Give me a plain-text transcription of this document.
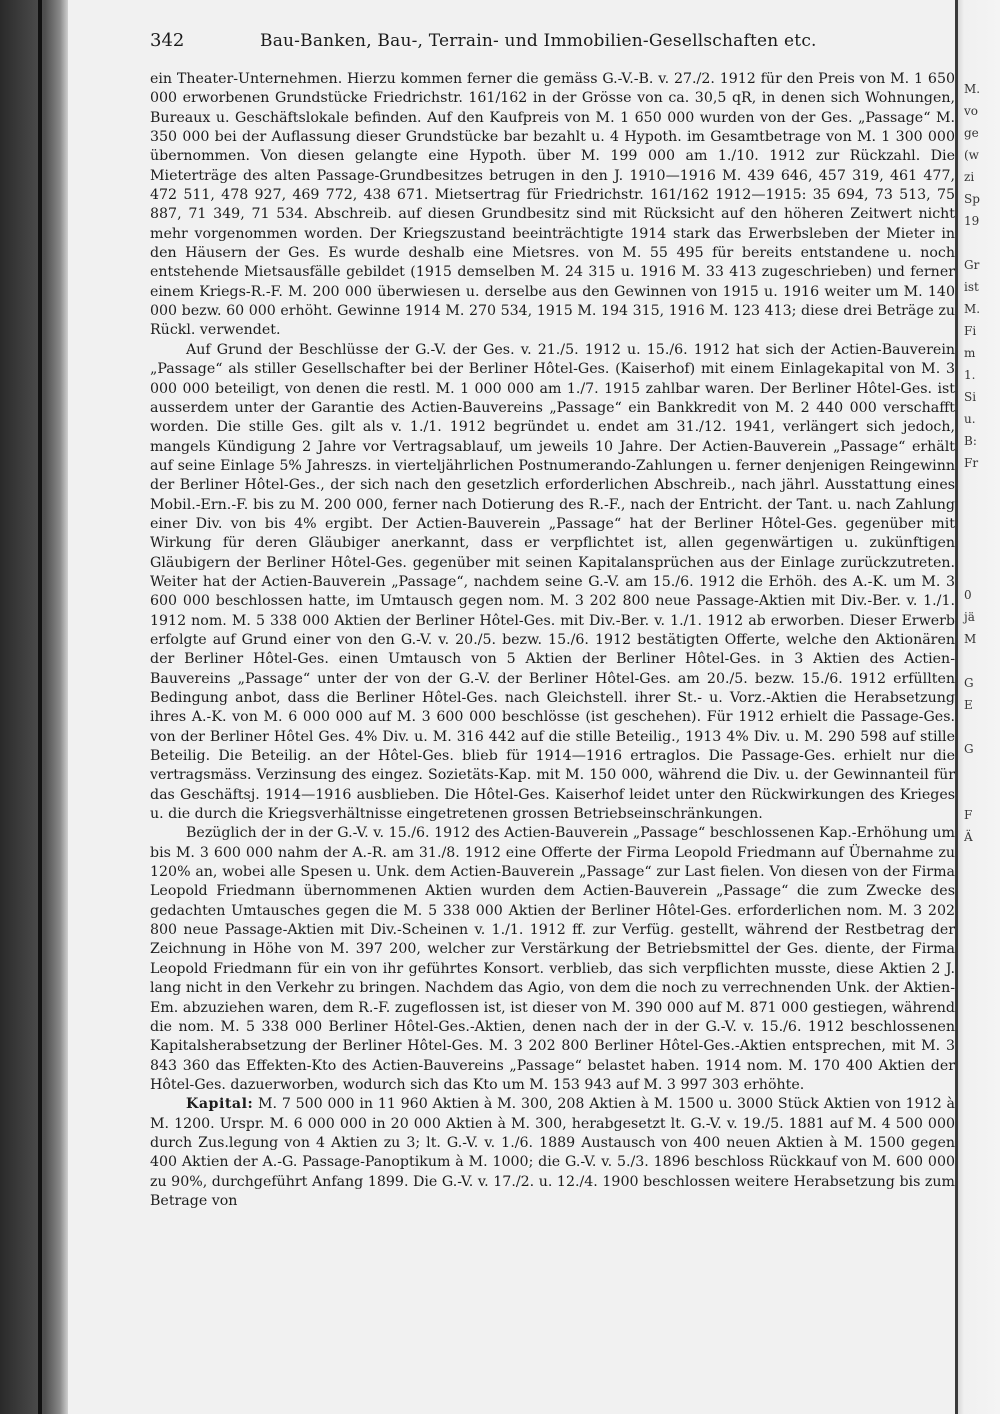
M.
vo
ge
(w
zi
Sp
19

Gr
ist
M.
Fi
m
1.
Si
u.
B:
Fr

0
jä
M

G
E

G

F
Ä

342	Bau-Banken, Bau-, Terrain- und Immobilien-Gesellschaften etc.

ein Theater-Unternehmen. Hierzu kommen ferner die gemäss G.-V.-B. v. 27./2. 1912 für den Preis von M. 1 650 000 erworbenen Grundstücke Friedrichstr. 161/162 in der Grösse von ca. 30,5 qR, in denen sich Wohnungen, Bureaux u. Geschäftslokale befinden. Auf den Kaufpreis von M. 1 650 000 wurden von der Ges. „Passage“ M. 350 000 bei der Auflassung dieser Grundstücke bar bezahlt u. 4 Hypoth. im Gesamtbetrage von M. 1 300 000 übernommen. Von diesen gelangte eine Hypoth. über M. 199 000 am 1./10. 1912 zur Rückzahl. Die Mieterträge des alten Passage-Grundbesitzes betrugen in den J. 1910—1916 M. 439 646, 457 319, 461 477, 472 511, 478 927, 469 772, 438 671. Mietsertrag für Friedrichstr. 161/162 1912—1915: 35 694, 73 513, 75 887, 71 349, 71 534. Abschreib. auf diesen Grundbesitz sind mit Rücksicht auf den höheren Zeitwert nicht mehr vorgenommen worden. Der Kriegszustand beeinträchtigte 1914 stark das Erwerbsleben der Mieter in den Häusern der Ges. Es wurde deshalb eine Mietsres. von M. 55 495 für bereits entstandene u. noch entstehende Mietsausfälle gebildet (1915 demselben M. 24 315 u. 1916 M. 33 413 zugeschrieben) und ferner einem Kriegs-R.-F. M. 200 000 überwiesen u. derselbe aus den Gewinnen von 1915 u. 1916 weiter um M. 140 000 bezw. 60 000 erhöht. Gewinne 1914 M. 270 534, 1915 M. 194 315, 1916 M. 123 413; diese drei Beträge zu Rückl. verwendet.

Auf Grund der Beschlüsse der G.-V. der Ges. v. 21./5. 1912 u. 15./6. 1912 hat sich der Actien-Bauverein „Passage“ als stiller Gesellschafter bei der Berliner Hôtel-Ges. (Kaiserhof) mit einem Einlagekapital von M. 3 000 000 beteiligt, von denen die restl. M. 1 000 000 am 1./7. 1915 zahlbar waren. Der Berliner Hôtel-Ges. ist ausserdem unter der Garantie des Actien-Bauvereins „Passage“ ein Bankkredit von M. 2 440 000 verschafft worden. Die stille Ges. gilt als v. 1./1. 1912 begründet u. endet am 31./12. 1941, verlängert sich jedoch, mangels Kündigung 2 Jahre vor Vertragsablauf, um jeweils 10 Jahre. Der Actien-Bauverein „Passage“ erhält auf seine Einlage 5% Jahreszs. in vierteljährlichen Postnumerando-Zahlungen u. ferner denjenigen Reingewinn der Berliner Hôtel-Ges., der sich nach den gesetzlich erforderlichen Abschreib., nach jährl. Ausstattung eines Mobil.-Ern.-F. bis zu M. 200 000, ferner nach Dotierung des R.-F., nach der Entricht. der Tant. u. nach Zahlung einer Div. von bis 4% ergibt. Der Actien-Bauverein „Passage“ hat der Berliner Hôtel-Ges. gegenüber mit Wirkung für deren Gläubiger anerkannt, dass er verpflichtet ist, allen gegenwärtigen u. zukünftigen Gläubigern der Berliner Hôtel-Ges. gegenüber mit seinen Kapitalansprüchen aus der Einlage zurückzutreten. Weiter hat der Actien-Bauverein „Passage“, nachdem seine G.-V. am 15./6. 1912 die Erhöh. des A.-K. um M. 3 600 000 beschlossen hatte, im Umtausch gegen nom. M. 3 202 800 neue Passage-Aktien mit Div.-Ber. v. 1./1. 1912 nom. M. 5 338 000 Aktien der Berliner Hôtel-Ges. mit Div.-Ber. v. 1./1. 1912 ab erworben. Dieser Erwerb erfolgte auf Grund einer von den G.-V. v. 20./5. bezw. 15./6. 1912 bestätigten Offerte, welche den Aktionären der Berliner Hôtel-Ges. einen Umtausch von 5 Aktien der Berliner Hôtel-Ges. in 3 Aktien des Actien-Bauvereins „Passage“ unter der von der G.-V. der Berliner Hôtel-Ges. am 20./5. bezw. 15./6. 1912 erfüllten Bedingung anbot, dass die Berliner Hôtel-Ges. nach Gleichstell. ihrer St.- u. Vorz.-Aktien die Herabsetzung ihres A.-K. von M. 6 000 000 auf M. 3 600 000 beschlösse (ist geschehen). Für 1912 erhielt die Passage-Ges. von der Berliner Hôtel Ges. 4% Div. u. M. 316 442 auf die stille Beteilig., 1913 4% Div. u. M. 290 598 auf stille Beteilig. Die Beteilig. an der Hôtel-Ges. blieb für 1914—1916 ertraglos. Die Passage-Ges. erhielt nur die vertragsmäss. Verzinsung des eingez. Sozietäts-Kap. mit M. 150 000, während die Div. u. der Gewinnanteil für das Geschäftsj. 1914—1916 ausblieben. Die Hôtel-Ges. Kaiserhof leidet unter den Rückwirkungen des Krieges u. die durch die Kriegsverhältnisse eingetretenen grossen Betriebseinschränkungen.

Bezüglich der in der G.-V. v. 15./6. 1912 des Actien-Bauverein „Passage“ beschlossenen Kap.-Erhöhung um bis M. 3 600 000 nahm der A.-R. am 31./8. 1912 eine Offerte der Firma Leopold Friedmann auf Übernahme zu 120% an, wobei alle Spesen u. Unk. dem Actien-Bauverein „Passage“ zur Last fielen. Von diesen von der Firma Leopold Friedmann übernommenen Aktien wurden dem Actien-Bauverein „Passage“ die zum Zwecke des gedachten Umtausches gegen die M. 5 338 000 Aktien der Berliner Hôtel-Ges. erforderlichen nom. M. 3 202 800 neue Passage-Aktien mit Div.-Scheinen v. 1./1. 1912 ff. zur Verfüg. gestellt, während der Restbetrag der Zeichnung in Höhe von M. 397 200, welcher zur Verstärkung der Betriebsmittel der Ges. diente, der Firma Leopold Friedmann für ein von ihr geführtes Konsort. verblieb, das sich verpflichten musste, diese Aktien 2 J. lang nicht in den Verkehr zu bringen. Nachdem das Agio, von dem die noch zu verrechnenden Unk. der Aktien-Em. abzuziehen waren, dem R.-F. zugeflossen ist, ist dieser von M. 390 000 auf M. 871 000 gestiegen, während die nom. M. 5 338 000 Berliner Hôtel-Ges.-Aktien, denen nach der in der G.-V. v. 15./6. 1912 beschlossenen Kapitalsherabsetzung der Berliner Hôtel-Ges. M. 3 202 800 Berliner Hôtel-Ges.-Aktien entsprechen, mit M. 3 843 360 das Effekten-Kto des Actien-Bauvereins „Passage“ belastet haben. 1914 nom. M. 170 400 Aktien der Hôtel-Ges. dazuerworben, wodurch sich das Kto um M. 153 943 auf M. 3 997 303 erhöhte.

Kapital: M. 7 500 000 in 11 960 Aktien à M. 300, 208 Aktien à M. 1500 u. 3000 Stück Aktien von 1912 à M. 1200. Urspr. M. 6 000 000 in 20 000 Aktien à M. 300, herabgesetzt lt. G.-V. v. 19./5. 1881 auf M. 4 500 000 durch Zus.legung von 4 Aktien zu 3; lt. G.-V. v. 1./6. 1889 Austausch von 400 neuen Aktien à M. 1500 gegen 400 Aktien der A.-G. Passage-Panoptikum à M. 1000; die G.-V. v. 5./3. 1896 beschloss Rückkauf von M. 600 000 zu 90%, durchgeführt Anfang 1899. Die G.-V. v. 17./2. u. 12./4. 1900 beschlossen weitere Herabsetzung bis zum Betrage von
